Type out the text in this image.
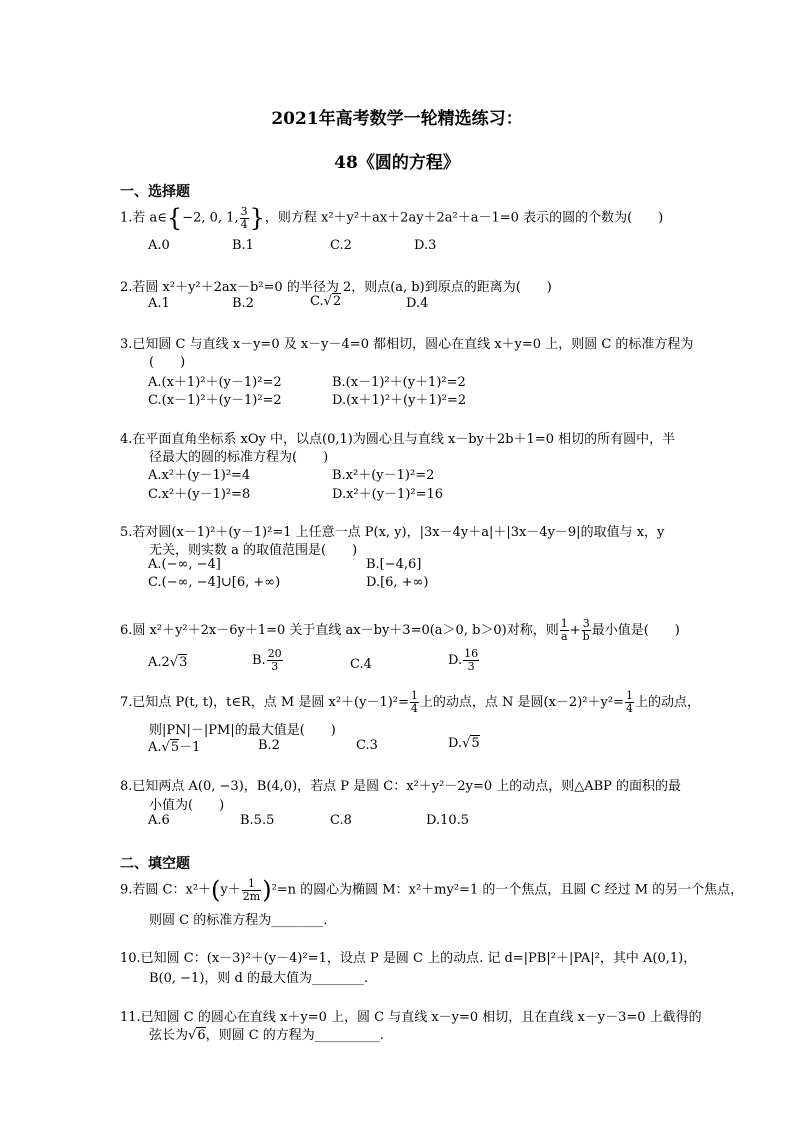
2021年高考数学一轮精选练习：
48《圆的方程》
一、选择题
1.若 a∈{−2, 0, 1, $\frac{3}{4}$ }，则方程 x²＋y²＋ax＋2ay＋2a²＋a－1=0 表示的圆的个数为(　　)
A.0	B.1	C.2	D.3
2.若圆 x²＋y²＋2ax－b²=0 的半径为 2，则点(a, b)到原点的距离为(　　)
A.1	B.2	C.√2	D.4
3.已知圆 C 与直线 x－y=0 及 x－y－4=0 都相切，圆心在直线 x＋y=0 上，则圆 C 的标准方程为
(　　)
A.(x＋1)²＋(y－1)²=2	B.(x－1)²＋(y＋1)²=2
C.(x－1)²＋(y－1)²=2	D.(x＋1)²＋(y＋1)²=2
4.在平面直角坐标系 xOy 中，以点(0,1)为圆心且与直线 x－by＋2b＋1=0 相切的所有圆中，半
径最大的圆的标准方程为(　　)
A.x²＋(y－1)²=4	B.x²＋(y－1)²=2
C.x²＋(y－1)²=8	D.x²＋(y－1)²=16
5.若对圆(x－1)²＋(y－1)²=1 上任意一点 P(x, y)，|3x－4y＋a|＋|3x－4y－9|的取值与 x，y
无关，则实数 a 的取值范围是(　　)
A.(−∞, −4]	B.[−4,6]
C.(−∞, −4]∪[6, +∞)	D.[6, +∞)
6.圆 x²＋y²＋2x－6y＋1=0 关于直线 ax－by＋3=0(a＞0, b＞0)对称，则 $\frac{1}{a} + \frac{3}{b}$ 最小值是(　　)
A.2√3	B. $\frac{20}{3}$	C.4	D. $\frac{16}{3}$
7.已知点 P(t, t)，t∈R，点 M 是圆 $x^2+(y-1)^2= \frac{1}{4}$ 上的动点，点 N 是圆$(x-2)^2+y^2= \frac{1}{4}$ 上的动点，
则|PN|－|PM|的最大值是(　　)
A.√5－1	B.2	C.3	D.√5
8.已知两点 A(0, −3)，B(4,0)，若点 P 是圆 C：x²＋y²－2y=0 上的动点，则△ABP 的面积的最
小值为(　　)
A.6	B.5.5	C.8	D.10.5
二、填空题
9.若圆 C：$x^2+(y+ \frac{1}{2m} )^2=n$ 的圆心为椭圆 M：x²＋my²=1 的一个焦点，且圆 C 经过 M 的另一个焦点，
则圆 C 的标准方程为________.
10.已知圆 C：(x－3)²＋(y－4)²=1，设点 P 是圆 C 上的动点. 记 d=|PB|²＋|PA|²，其中 A(0,1)，
B(0, −1)，则 d 的最大值为________.
11.已知圆 C 的圆心在直线 x＋y=0 上，圆 C 与直线 x－y=0 相切，且在直线 x－y－3=0 上截得的
弦长为√6，则圆 C 的方程为__________.
